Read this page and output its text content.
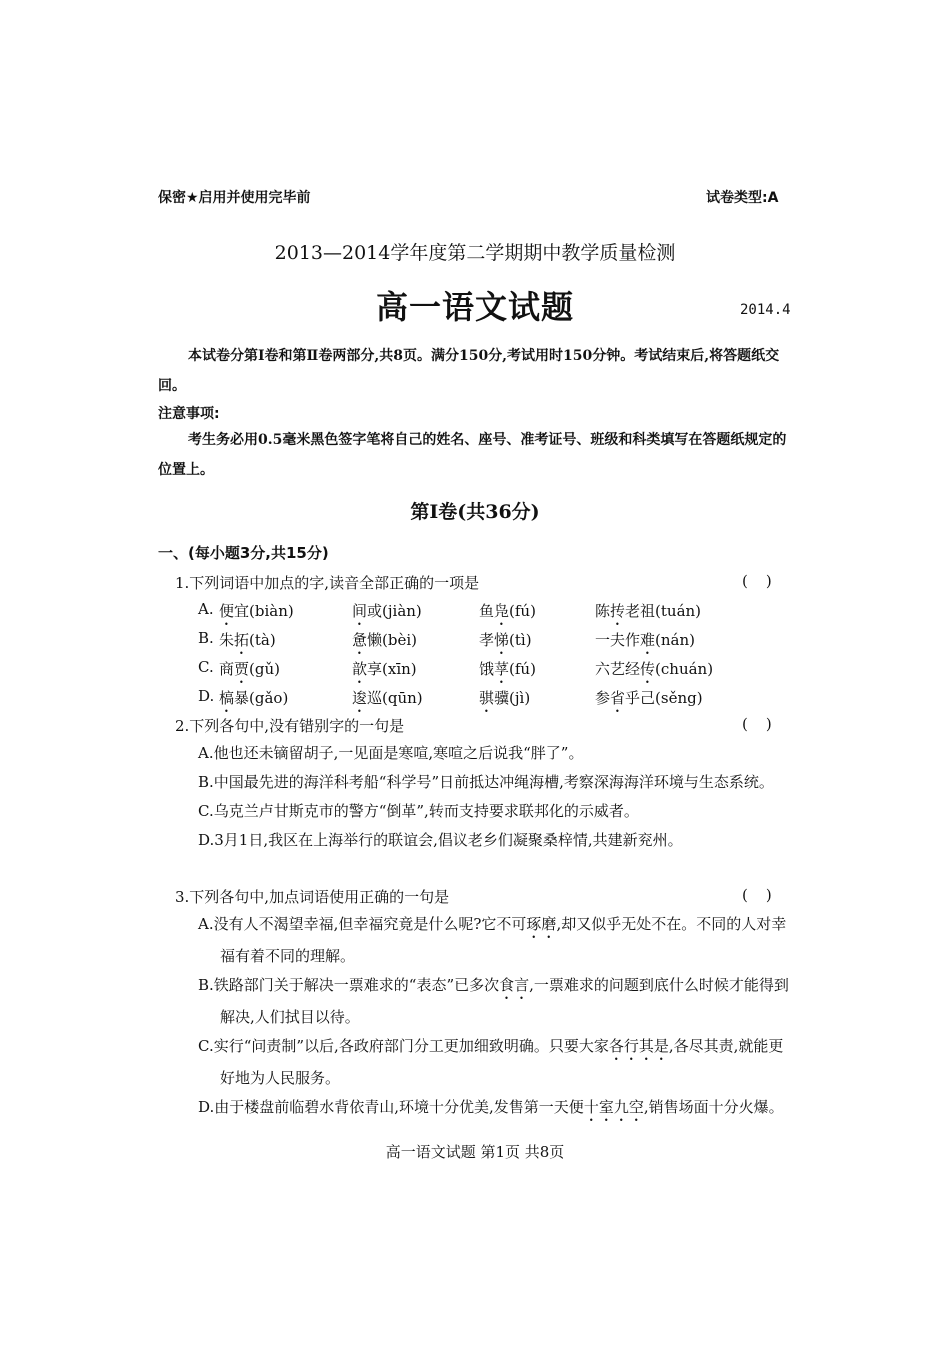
保密★启用并使用完毕前	试卷类型:A
2013—2014学年度第二学期期中教学质量检测
高一语文试题	2014.4
本试卷分第Ⅰ卷和第Ⅱ卷两部分,共8页。满分150分,考试用时150分钟。考试结束后,将答题纸交回。
注意事项:
考生务必用0.5毫米黑色签字笔将自己的姓名、座号、准考证号、班级和科类填写在答题纸规定的位置上。
第Ⅰ卷(共36分)
一、(每小题3分,共15分)
1.下列词语中加点的字,读音全部正确的一项是	()
A. 便宜(biàn)	间或(jiàn)	鱼凫(fú)	陈抟老祖(tuán)
B. 朱拓(tà)	惫懒(bèi)	孝悌(tì)	一夫作难(nán)
C. 商贾(gǔ)	歆享(xīn)	饿莩(fú)	六艺经传(chuán)
D. 槁暴(gǎo)	逡巡(qūn)	骐骥(jì)	参省乎己(sěng)
2.下列各句中,没有错别字的一句是	()
A.他也还未镝留胡子,一见面是寒喧,寒喧之后说我“胖了”。
B.中国最先进的海洋科考船“科学号”日前抵达冲绳海槽,考察深海海洋环境与生态系统。
C.乌克兰卢甘斯克市的警方“倒革”,转而支持要求联邦化的示威者。
D.3月1日,我区在上海举行的联谊会,倡议老乡们凝聚桑梓情,共建新兖州。
3.下列各句中,加点词语使用正确的一句是	()
A.没有人不渴望幸福,但幸福究竟是什么呢?它不可琢磨,却又似乎无处不在。不同的人对幸福有着不同的理解。
B.铁路部门关于解决一票难求的“表态”已多次食言,一票难求的问题到底什么时候才能得到解决,人们拭目以待。
C.实行“问责制”以后,各政府部门分工更加细致明确。只要大家各行其是,各尽其责,就能更好地为人民服务。
D.由于楼盘前临碧水背依青山,环境十分优美,发售第一天便十室九空,销售场面十分火爆。
高一语文试题 第1页 共8页
